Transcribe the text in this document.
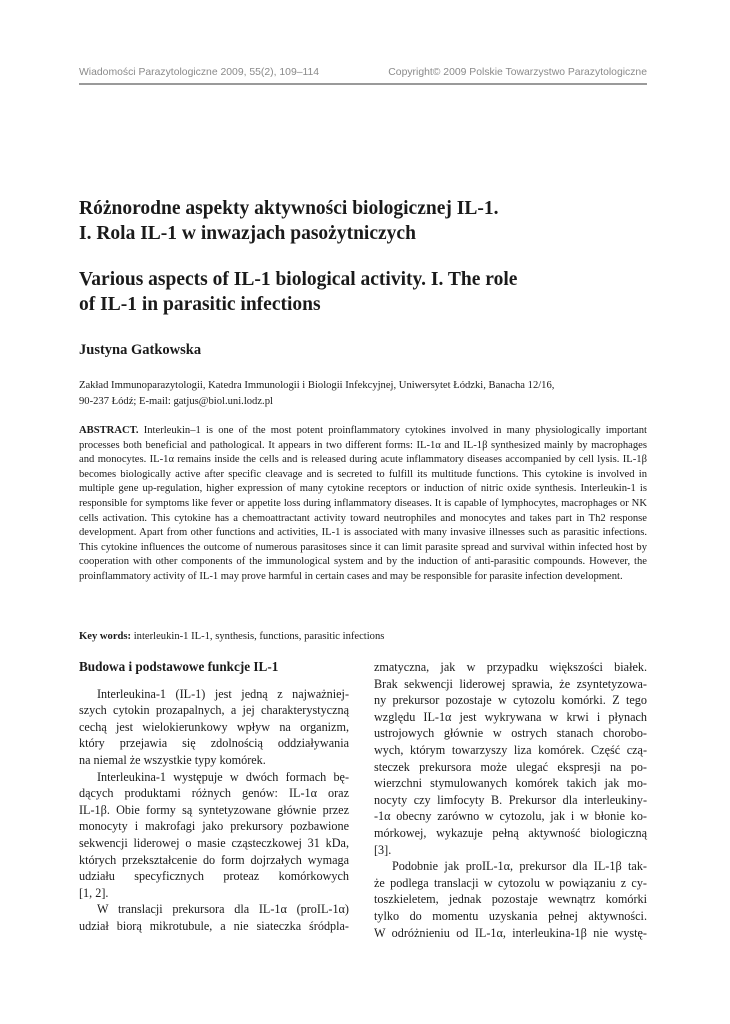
Wiadomości Parazytologiczne 2009, 55(2), 109–114	Copyright© 2009 Polskie Towarzystwo Parazytologiczne
Różnorodne aspekty aktywności biologicznej IL-1.
I. Rola IL-1 w inwazjach pasożytniczych
Various aspects of IL-1 biological activity. I. The role
of IL-1 in parasitic infections
Justyna Gatkowska
Zakład Immunoparazytologii, Katedra Immunologii i Biologii Infekcyjnej, Uniwersytet Łódzki, Banacha 12/16,
90-237 Łódź; E-mail: gatjus@biol.uni.lodz.pl
ABSTRACT. Interleukin–1 is one of the most potent proinflammatory cytokines involved in many physiologically important processes both beneficial and pathological. It appears in two different forms: IL-1α and IL-1β synthesized mainly by macrophages and monocytes. IL-1α remains inside the cells and is released during acute inflammatory diseases accompanied by cell lysis. IL-1β becomes biologically active after specific cleavage and is secreted to fulfill its multitude functions. This cytokine is involved in multiple gene up-regulation, higher expression of many cytokine receptors or induction of nitric oxide synthesis. Interleukin-1 is responsible for symptoms like fever or appetite loss during inflammatory diseases. It is capable of lymphocytes, macrophages or NK cells activation. This cytokine has a chemoattractant activity toward neutrophiles and monocytes and takes part in Th2 response development. Apart from other functions and activities, IL-1 is associated with many invasive illnesses such as parasitic infections. This cytokine influences the outcome of numerous parasitoses since it can limit parasite spread and survival within infected host by cooperation with other components of the immunological system and by the induction of anti-parasitic compounds. However, the proinflammatory activity of IL-1 may prove harmful in certain cases and may be responsible for parasite infection development.
Key words: interleukin-1 IL-1, synthesis, functions, parasitic infections
Budowa i podstawowe funkcje IL-1
Interleukina-1 (IL-1) jest jedną z najważniej-
szych cytokin prozapalnych, a jej charakterystyczną
cechą jest wielokierunkowy wpływ na organizm,
który przejawia się zdolnością oddziaływania
na niemal że wszystkie typy komórek.
Interleukina-1 występuje w dwóch formach bę-
dących produktami różnych genów: IL-1α oraz
IL-1β. Obie formy są syntetyzowane głównie przez
monocyty i makrofagi jako prekursory pozbawione
sekwencji liderowej o masie cząsteczkowej 31 kDa,
których przekształcenie do form dojrzałych wymaga
udziału specyficznych proteaz komórkowych
[1, 2].
W translacji prekursora dla IL-1α (proIL-1α)
udział biorą mikrotubule, a nie siateczka śródpla-
zmatyczna, jak w przypadku większości białek.
Brak sekwencji liderowej sprawia, że zsyntetyzowa-
ny prekursor pozostaje w cytozolu komórki. Z tego
względu IL-1α jest wykrywana w krwi i płynach
ustrojowych głównie w ostrych stanach chorobo-
wych, którym towarzyszy liza komórek. Część czą-
steczek prekursora może ulegać ekspresji na po-
wierzchni stymulowanych komórek takich jak mo-
nocyty czy limfocyty B. Prekursor dla interleukiny-
-1α obecny zarówno w cytozolu, jak i w błonie ko-
mórkowej, wykazuje pełną aktywność biologiczną
[3].
Podobnie jak proIL-1α, prekursor dla IL-1β tak-
że podlega translacji w cytozolu w powiązaniu z cy-
toszkieletem, jednak pozostaje wewnątrz komórki
tylko do momentu uzyskania pełnej aktywności.
W odróżnieniu od IL-1α, interleukina-1β nie wystę-
